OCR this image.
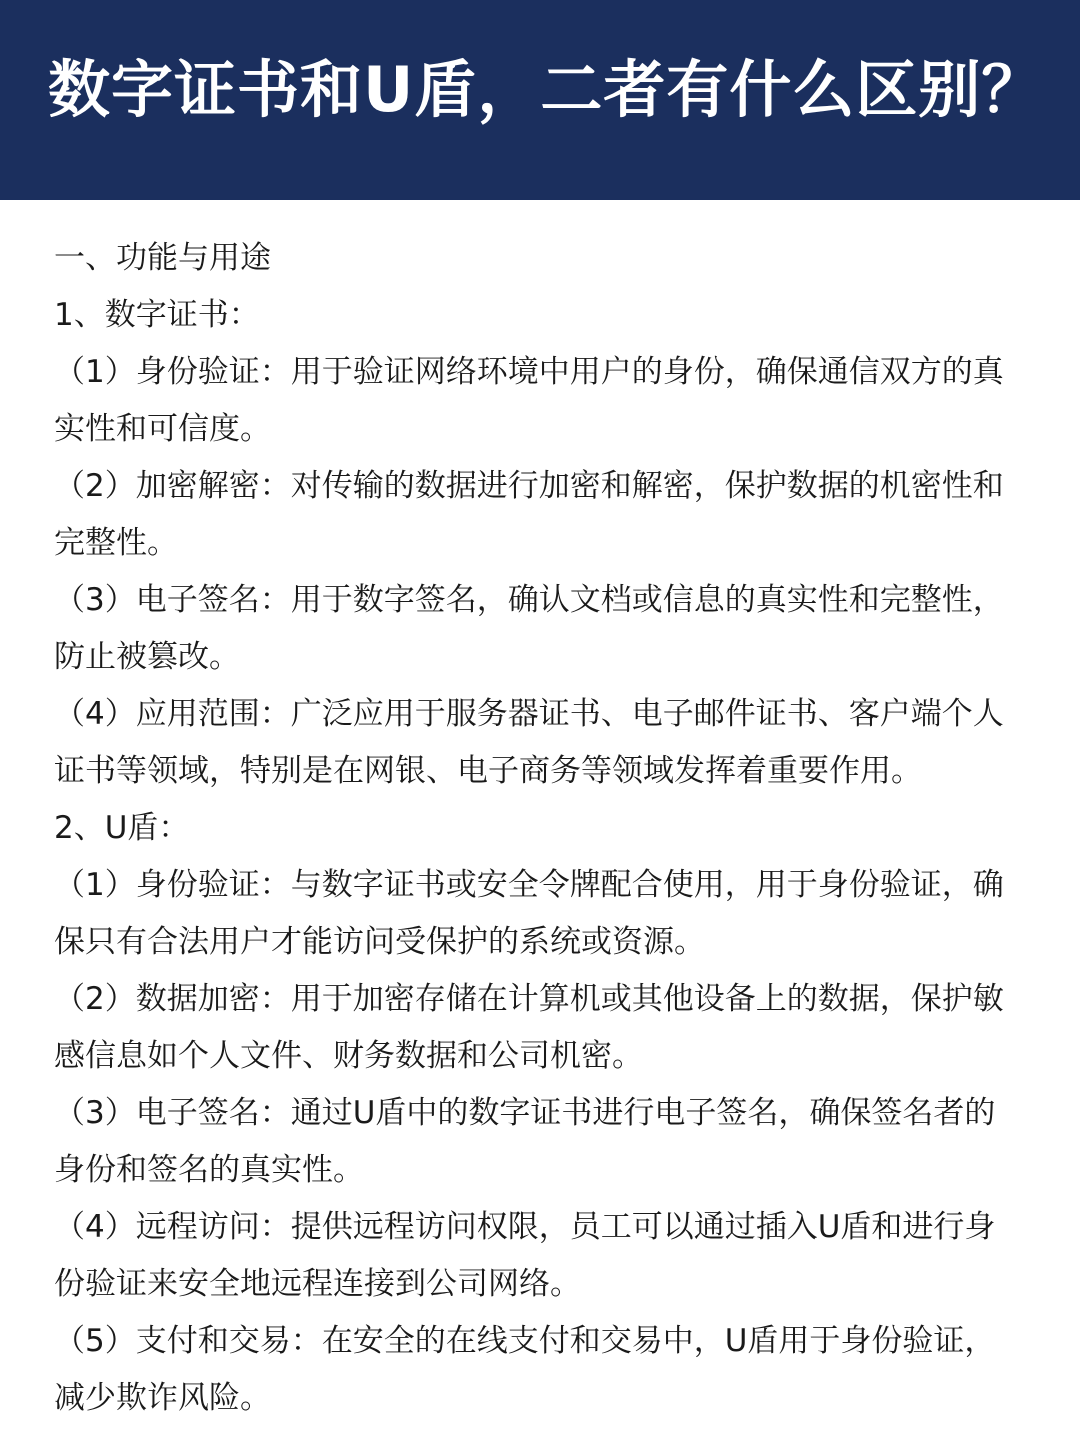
数字证书和U盾，二者有什么区别？

一、功能与用途

1、数字证书：

（1）身份验证：用于验证网络环境中用户的身份，确保通信双方的真
实性和可信度。
（2）加密解密：对传输的数据进行加密和解密，保护数据的机密性和
完整性。
（3）电子签名：用于数字签名，确认文档或信息的真实性和完整性，
防止被篡改。
（4）应用范围：广泛应用于服务器证书、电子邮件证书、客户端个人
证书等领域，特别是在网银、电子商务等领域发挥着重要作用。

2、U盾：

（1）身份验证：与数字证书或安全令牌配合使用，用于身份验证，确
保只有合法用户才能访问受保护的系统或资源。
（2）数据加密：用于加密存储在计算机或其他设备上的数据，保护敏
感信息如个人文件、财务数据和公司机密。
（3）电子签名：通过U盾中的数字证书进行电子签名，确保签名者的
身份和签名的真实性。
（4）远程访问：提供远程访问权限，员工可以通过插入U盾和进行身
份验证来安全地远程连接到公司网络。
（5）支付和交易：在安全的在线支付和交易中，U盾用于身份验证，
减少欺诈风险。
